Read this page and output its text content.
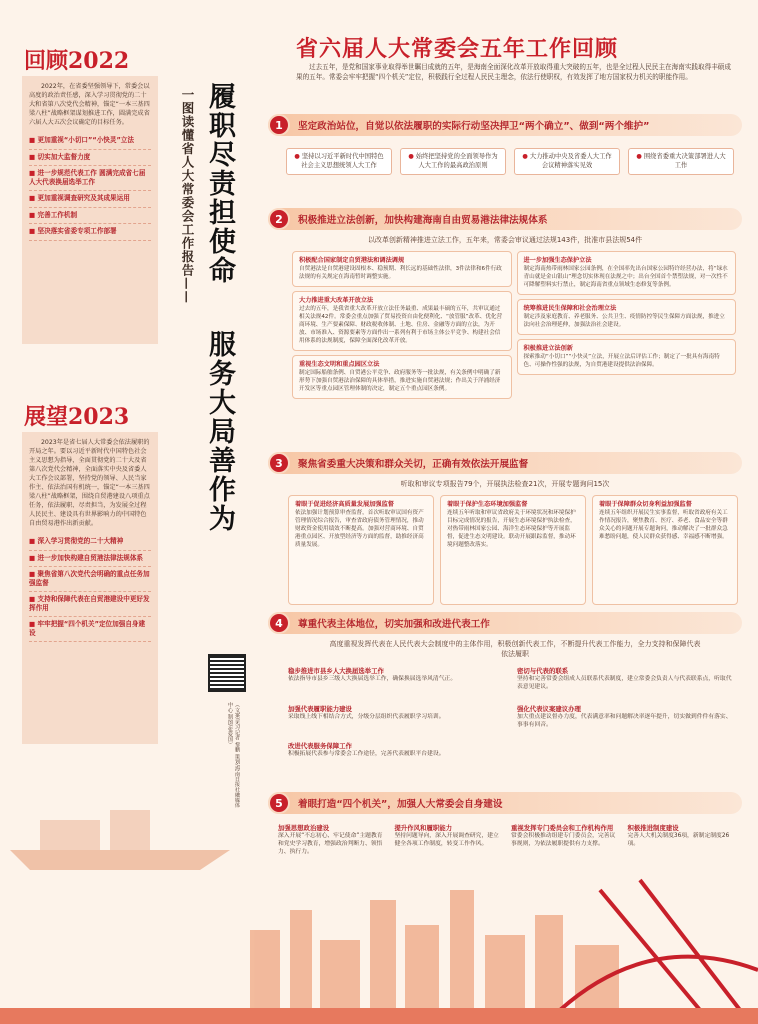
回顾2022

2022年，在省委坚强领导下，常委会以高度的政治责任感，深入学习贯彻党的二十大和省第八次党代会精神，锚定“一本三基四梁八柱”战略框架谋划推进工作，圆满完成省六届人大五次会议确定的目标任务。

■ 更加重视“小切口”“小快灵”立法
■ 切实加大监督力度
■ 进一步规范代表工作 圆满完成省七届人大代表换届选举工作
■ 更加重视调查研究及其成果运用
■ 完善工作机制
■ 坚决落实省委专项工作部署
展望2023

2023年是省七届人大常委会依法履职的开局之年。要以习近平新时代中国特色社会主义思想为指导，全面贯彻党的二十大及省第八次党代会精神，全面落实中央及省委人大工作会议部署，坚持党的领导、人民当家作主、依法治国有机统一，锚定“一本三基四梁八柱”战略框架，围绕自贸港建设八项重点任务，依法履职、尽责担当，为发展全过程人民民主、建设具有世界影响力的中国特色自由贸易港作出新贡献。

■ 深入学习贯彻党的二十大精神
■ 进一步加快构建自贸港法律法规体系
■ 聚焦省第八次党代会明确的重点任务加强监督
■ 支持和保障代表在自贸港建设中更好发挥作用
■ 牢牢把握“四个机关”定位加强自身建设
一图读懂省人大常委会工作报告—— 履职尽责担使命
服务大局善作为
（文案/见习记者 黎鹏 策划/海南日报社融媒体中心 制图/张爱国）
省六届人大常委会五年工作回顾
过去五年，是党和国家事业取得举世瞩目成就的五年，是海南全面深化改革开放取得重大突破的五年，也是全过程人民民主在海南实践取得丰硕成果的五年。常委会牢牢把握“四个机关”定位，积极践行全过程人民民主理念，依法行使职权，有效发挥了地方国家权力机关的职能作用。
1	坚定政治站位，自觉以依法履职的实际行动坚决捍卫“两个确立”、做到“两个维护”
● 坚持以习近平新时代中国特色社会主义思想统领人大工作
● 始终把坚持党的全面领导作为人大工作的最高政治原则
● 大力推动中央及省委人大工作会议精神落实见效
● 围绕省委重大决策部署进人大工作
2	积极推进立法创新，加快构建海南自由贸易港法律法规体系
以改革创新精神推进立法工作，五年来，常委会审议通过法规143件，批准市县法规54件
积极配合国家制定自贸港法和调法调规
自贸港法是自贸港建设固根本、稳预期、利长远的基础性法律，3件法律和6件行政法规的有关规定在海南暂时调整实施。
大力推进重大改革开放立法
过去的五年，是我省重大改革开放立法任务最重、成果最丰硕的五年，共审议通过相关法规42件。常委会重点加强了贸易投资自由化便利化、“放管服”改革、优化营商环境、生产要素保障、财政税收体制、土地、住房、金融等方面的立法，为开放、市场准入、资源要素等方面作出一系列有利于市场主体公平竞争、构建社会信用体系的法规制度，保障全面深化改革开放。
重视生态文明和重点园区立法
制定国际船舶条例、自贸港公平竞争、政府服务等一批法规，有关条例中明确了新形势下加强自贸港法治保障的具体举措，推进实施自贸港法规；作出关于洋浦经济开发区等重点园区管理体制的决定，制定五个重点园区条例。
进一步加强生态保护立法
制定海南热带雨林国家公园条例，在全国率先出台国家公园特许经营办法，将“绿水青山就是金山银山”理念切实体现在法规之中；出台全国首个禁塑法规，对一次性不可降解塑料实行禁止，制定海南省重点领域生态修复等条例。
统筹推进民生保障和社会治理立法
制定涉及家庭教育、养老服务、公共卫生、疫情防控等民生保障方面法规，推进立法向社会治理延伸，加强法治社会建设。
积极推进立法创新
探索推动“小切口”“小快灵”立法，开展立法后评估工作；制定了一批具有海南特色、可操作性强的法规，为自贸港建设提供法治保障。
3	聚焦省委重大决策和群众关切，正确有效依法开展监督
听取和审议专项报告79个，开展执法检查21次，开展专题询问15次
着眼于促进经济高质量发展加强监督
依法加强计划预算审查监督，首次听取审议国有资产管理情况综合报告，审查省政府债务管理情况，推动财政资金使用绩效不断提高。加强对营商环境、自贸港重点园区、开放型经济等方面的监督，助推经济高质量发展。
着眼于保护生态环境加强监督
连续五年听取和审议省政府关于环境状况和环境保护目标完成情况的报告，开展生态环境保护执法检查，对热带雨林国家公园、海洋生态环境保护等开展监督，促进生态文明建设。联动开展跟踪监督，推动环境问题整改落实。
着眼于保障群众切身利益加强监督
连续五年组织开展民生实事监督，听取省政府有关工作情况报告，聚焦教育、医疗、养老、食品安全等群众关心的问题开展专题询问，推动解决了一批群众急难愁盼问题，使人民群众获得感、幸福感不断增强。
4	尊重代表主体地位，切实加强和改进代表工作
高度重视发挥代表在人民代表大会制度中的主体作用，积极创新代表工作，不断提升代表工作能力，全力支持和保障代表依法履职
稳步推进市县乡人大换届选举工作
依法指导市县乡三级人大换届选举工作，确保换届选举风清气正。
密切与代表的联系
坚持和完善常委会组成人员联系代表制度，建立常委会负责人与代表联系点，听取代表意见建议。
加强代表履职能力建设
采取线上线下相结合方式，分级分层组织代表履职学习培训。
强化代表议案建议办理
加大重点建议督办力度，代表满意率和问题解决率逐年提升，切实做到件件有落实、事事有回音。
改进代表服务保障工作
积极拓展代表参与常委会工作途径，完善代表履职平台建设。
5	着眼打造“四个机关”，加强人大常委会自身建设
加强思想政治建设
深入开展“不忘初心、牢记使命”主题教育和党史学习教育，增强政治判断力、领悟力、执行力。
提升作风和履职能力
坚持问题导向，深入开展调查研究，建立健全各项工作制度，转变工作作风。
重视发挥专门委员会和工作机构作用
常委会积极推动组建专门委员会，完善议事规则，为依法履职提供有力支撑。
积极推进制度建设
完善人大机关制度36项，新制定制度26项。
